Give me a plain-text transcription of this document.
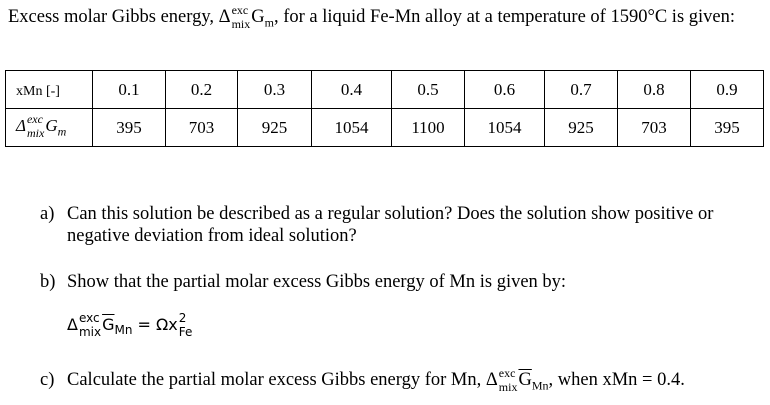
Excess molar Gibbs energy, Δ exc
mix $G_m$, for a liquid Fe-Mn alloy at a temperature of 1590°C is given:
xMn [-]	0.1	0.2	0.3	0.4	0.5	0.6	0.7	0.8	0.9
Δ exc
mix $G_m$	395	703	925	1054	1100	1054	925	703	395
a) Can this solution be described as a regular solution? Does the solution show positive or negative deviation from ideal solution?
b) Show that the partial molar excess Gibbs energy of Mn is given by:
Δ exc
mix $\overline{G}_{Mn} = \Omega x$ 2
Fe
c) Calculate the partial molar excess Gibbs energy for Mn, Δ exc
mix $\overline{G}_{Mn}$, when xMn = 0.4.
